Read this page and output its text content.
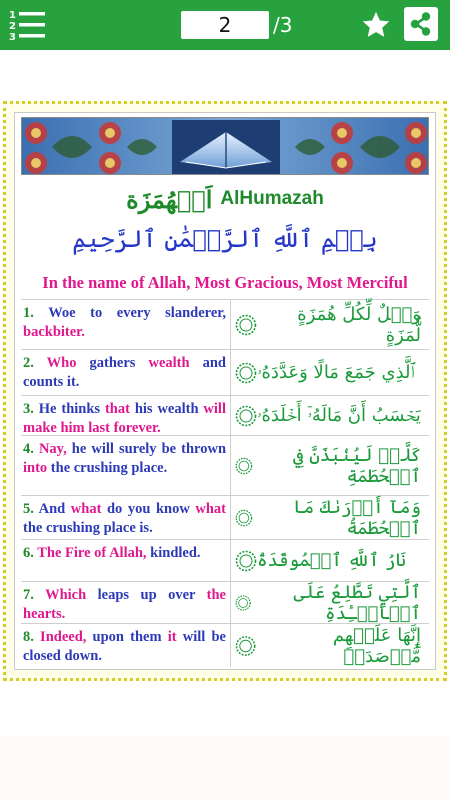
1
2
3
2
/3
اَلۡهُمَزَة AlHumazah
بِسۡمِ ٱللَّهِ ٱلرَّحۡمَٰنِ ٱلرَّحِيمِ
In the name of Allah, Most Gracious, Most Merciful
1. Woe to every slanderer, backbiter.
وَيۡلٌ لِّكُلِّ هُمَزَةٍ لُّمَزَةٍ
2. Who gathers wealth and counts it.	ٱلَّذِي جَمَعَ مَالًا وَعَدَّدَهُۥ
3. He thinks that his wealth will make him last forever.
يَحۡسَبُ أَنَّ مَالَهُۥٓ أَخۡلَدَهُۥ
4. Nay, he will surely be thrown into the crushing place.
كَلَّاۖ لَيُنۢبَذَنَّ فِي ٱلۡحُطَمَةِ
5. And what do you know what the crushing place is.
وَمَآ أَدۡرَىٰكَ مَا ٱلۡحُطَمَةُ
6. The Fire of Allah, kindled.	نَارُ ٱللَّهِ ٱلۡمُوقَدَةُ
7. Which leaps up over the hearts.
ٱلَّتِي تَطَّلِعُ عَلَى ٱلۡأَفۡـِٔدَةِ
8. Indeed, upon them it will be closed down.
إِنَّهَا عَلَيۡهِم مُّؤۡصَدَةٞ
